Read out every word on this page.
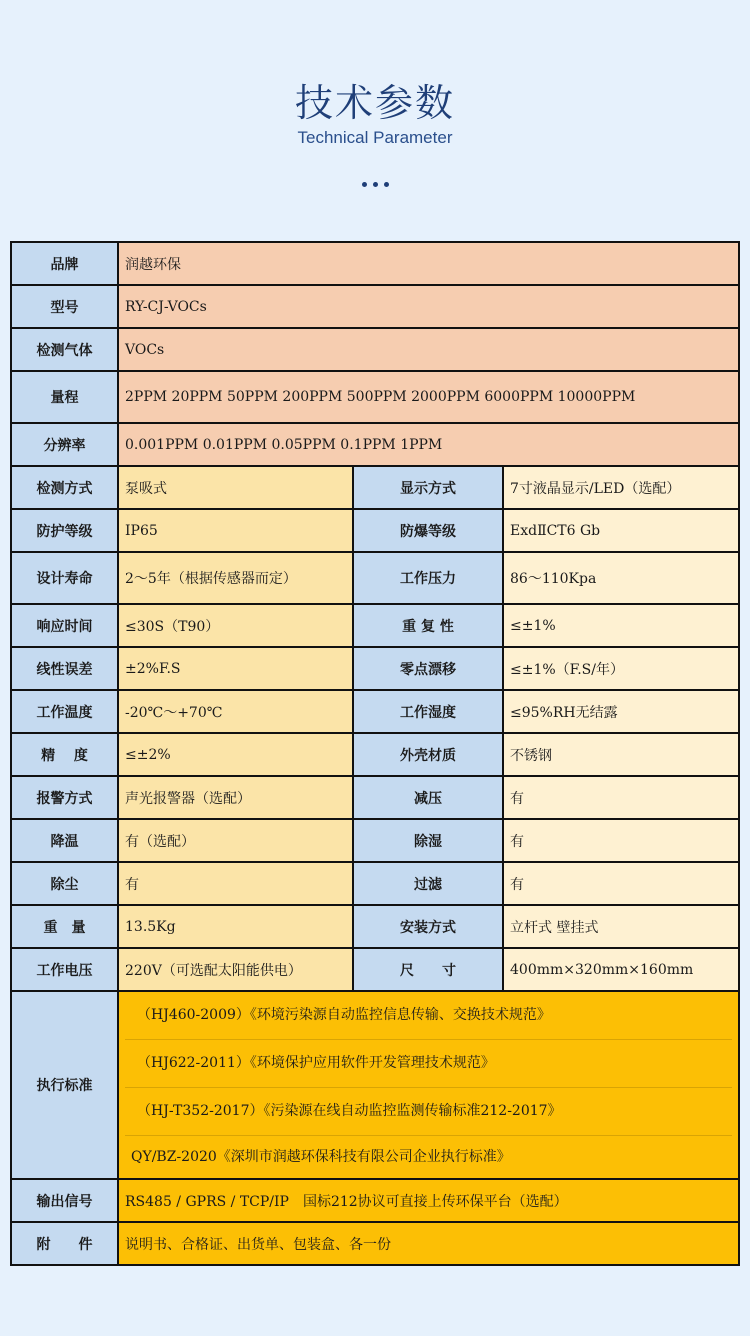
技术参数
Technical Parameter
品牌	润越环保		
型号	RY-CJ-VOCs		
检测气体	VOCs		
量程	2PPM 20PPM 50PPM 200PPM 500PPM 2000PPM 6000PPM 10000PPM		
分辨率	0.001PPM 0.01PPM 0.05PPM 0.1PPM 1PPM		
检测方式	泵吸式	显示方式	7寸液晶显示/LED（选配）
防护等级	IP65	防爆等级	ExdⅡCT6 Gb
设计寿命	2～5年（根据传感器而定）	工作压力	86～110Kpa
响应时间	≤30S（T90）	重 复 性	≤±1%
线性误差	±2%F.S	零点漂移	≤±1%（F.S/年）
工作温度	-20℃～+70℃	工作湿度	≤95%RH无结露
精　 度	≤±2%	外壳材质	不锈钢
报警方式	声光报警器（选配）	减压	有
降温	有（选配）	除湿	有
除尘	有	过滤	有
重　量	13.5Kg	安装方式	立杆式 壁挂式
工作电压	220V（可选配太阳能供电）	尺　　寸	400mm×320mm×160mm
执行标准	（HJ460-2009）《环境污染源自动监控信息传输、交换技术规范》
（HJ622-2011）《环境保护应用软件开发管理技术规范》
（HJ-T352-2017）《污染源在线自动监控监测传输标准212-2017》
QY/BZ-2020《深圳市润越环保科技有限公司企业执行标准》		

输出信号	RS485 / GPRS / TCP/IP　国标212协议可直接上传环保平台（选配）		
附　　件	说明书、合格证、出货单、包装盒、各一份		
